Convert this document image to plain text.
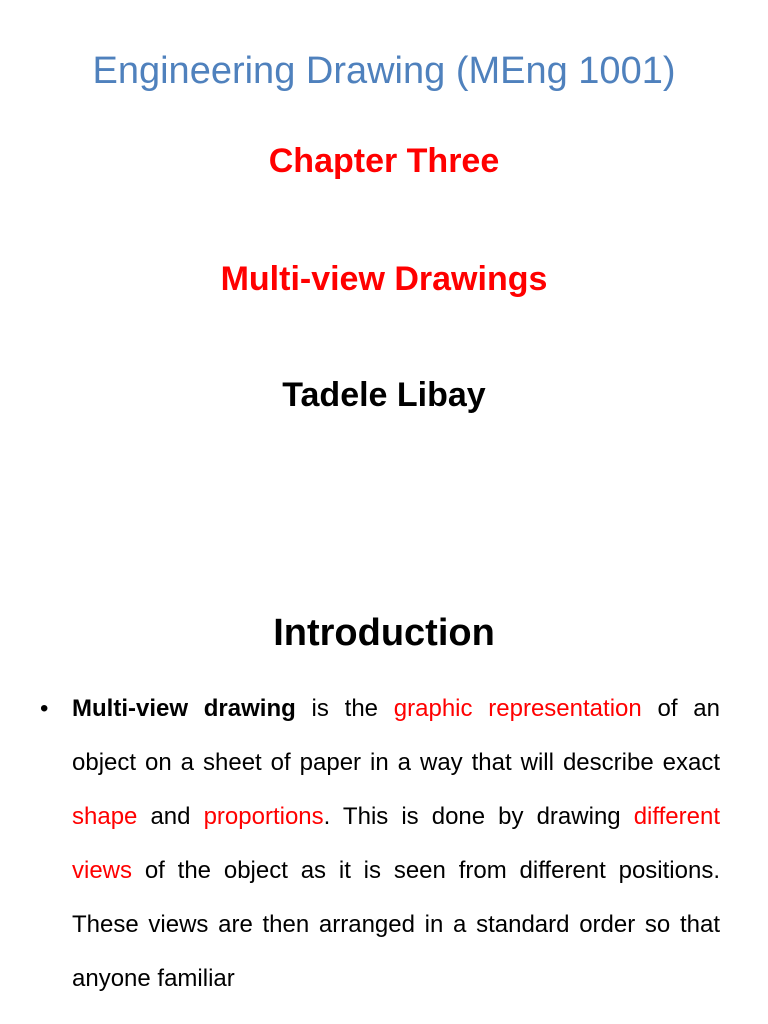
Engineering Drawing (MEng 1001)
Chapter Three
Multi-view Drawings
Tadele Libay
Introduction
• Multi-view drawing is the graphic representation of an object on a sheet of paper in a way that will describe exact shape and proportions. This is done by drawing different views of the object as it is seen from different positions. These views are then arranged in a standard order so that anyone familiar
